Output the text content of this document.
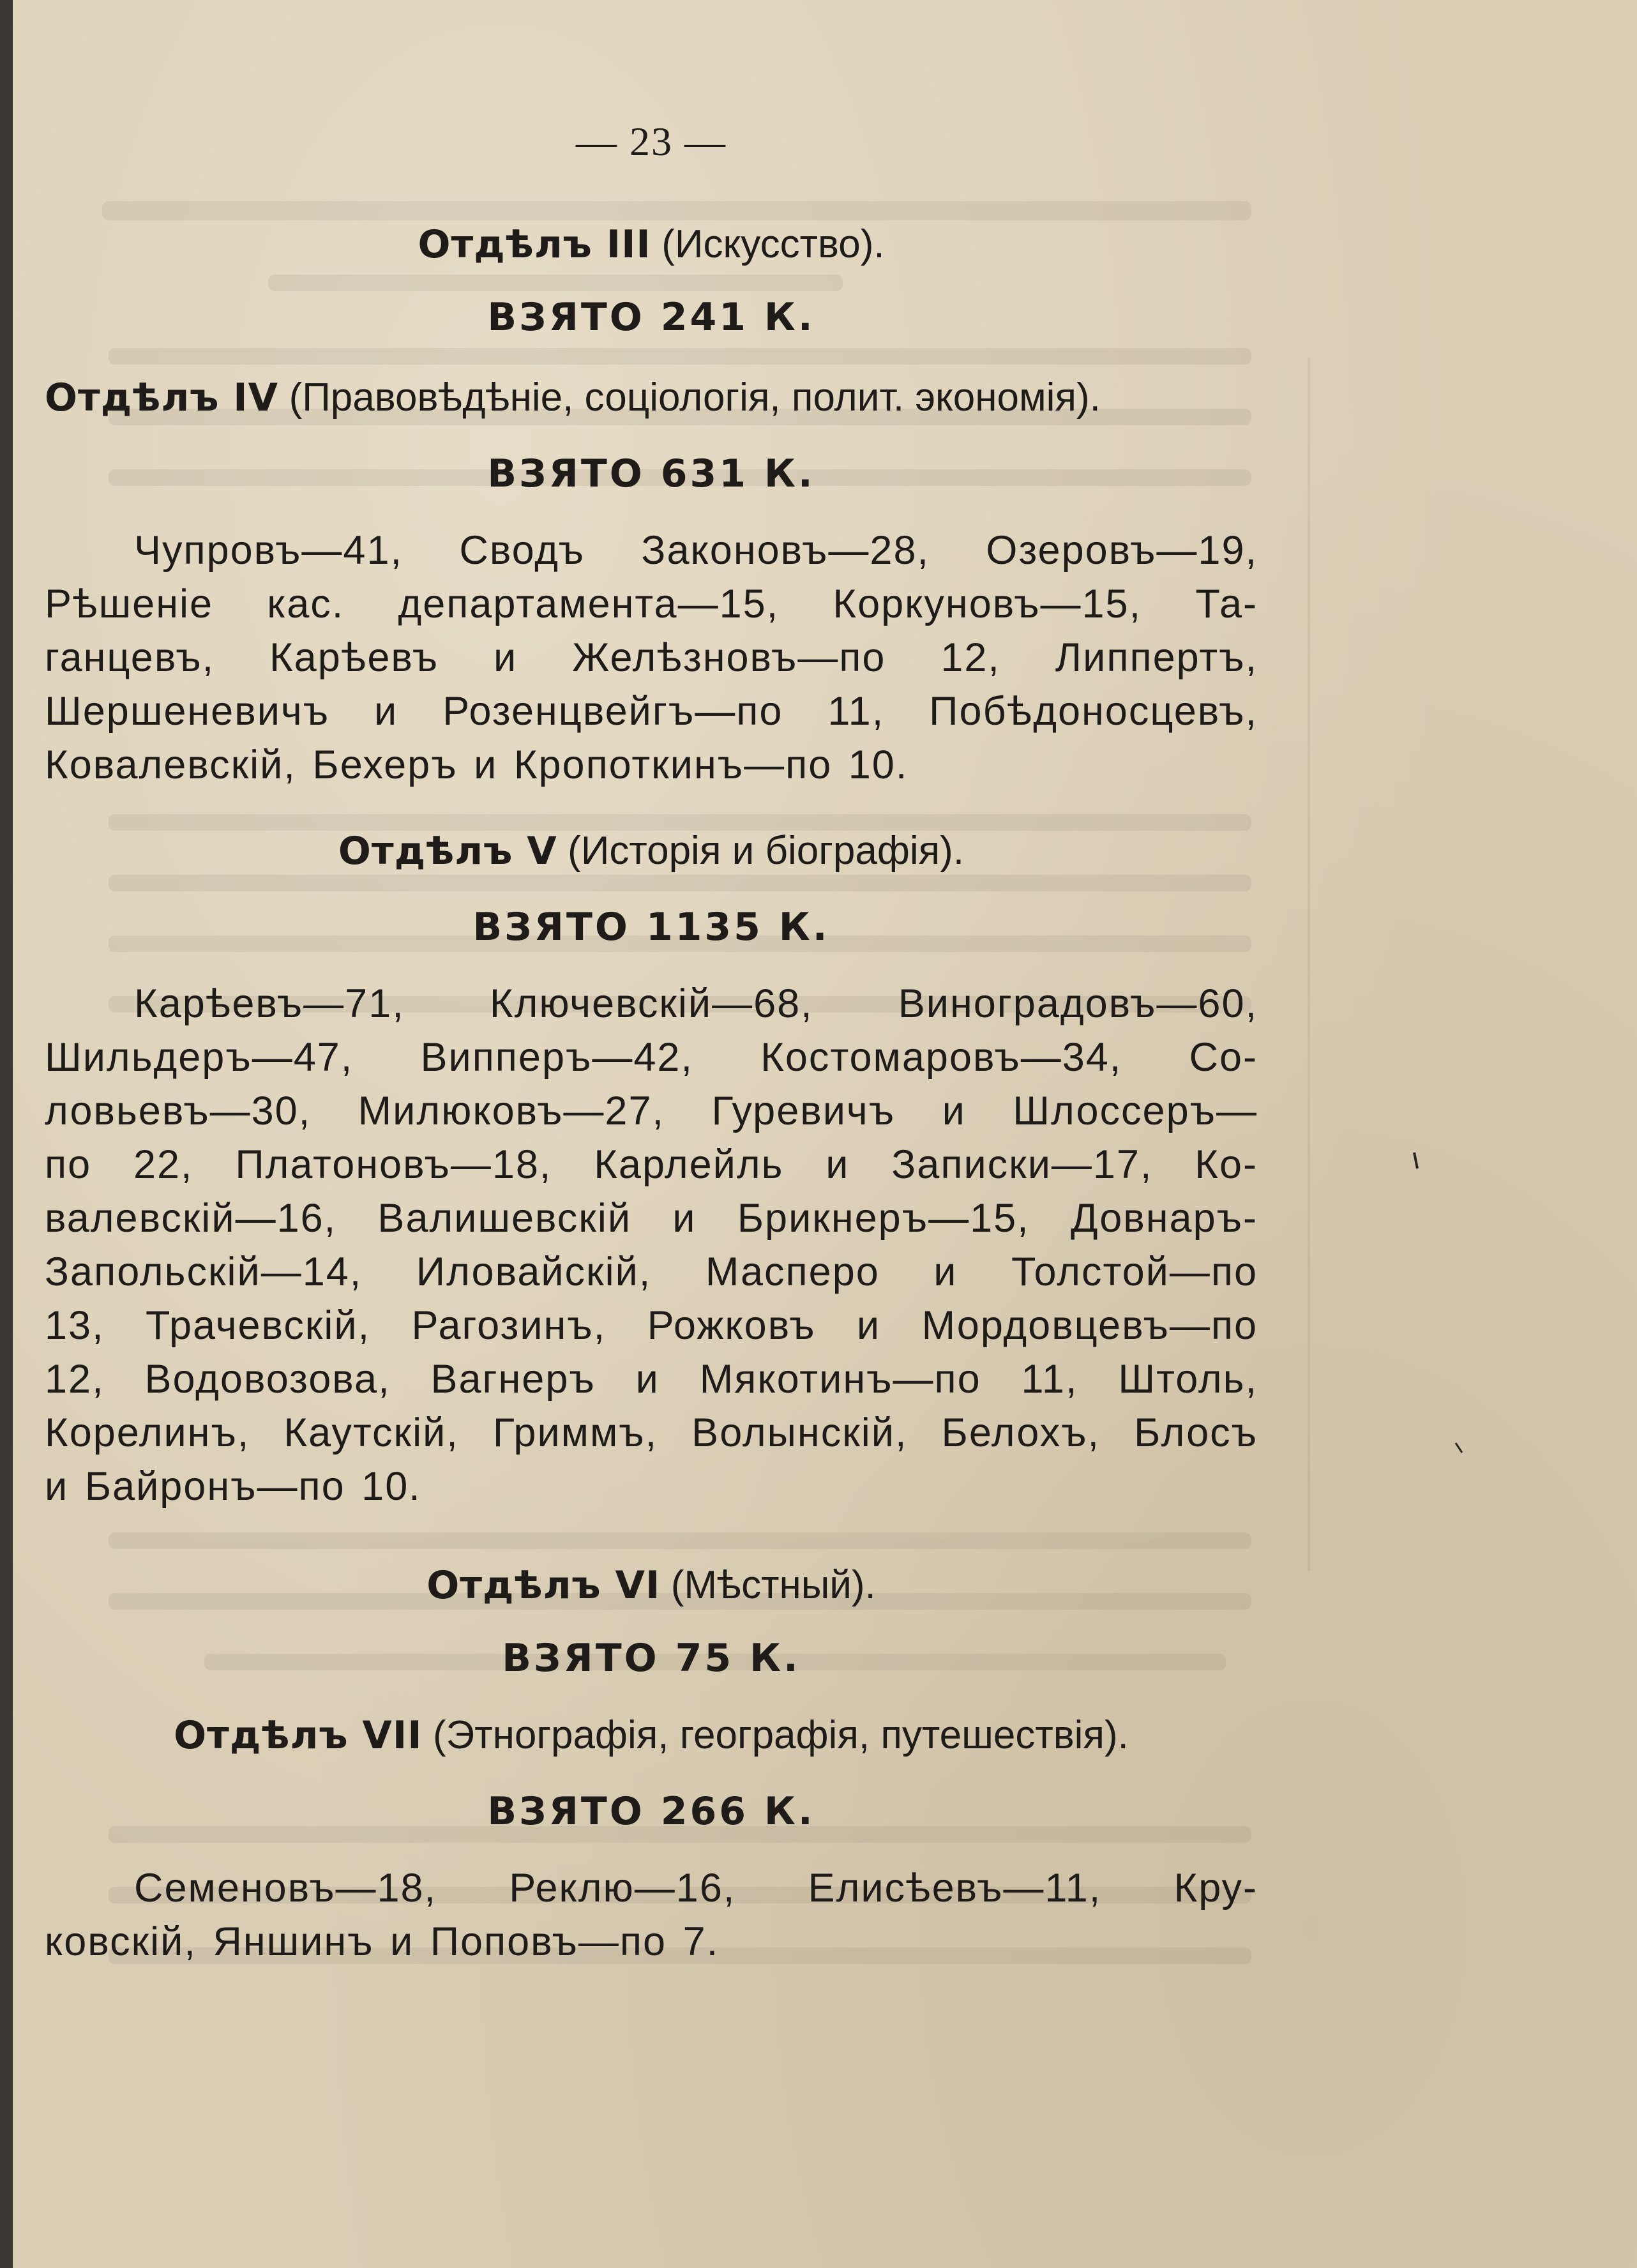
— 23 —
Отдѣлъ III (Искусство).
ВЗЯТО 241 К.
Отдѣлъ IV (Правовѣдѣніе, соціологія, полит. экономія).
ВЗЯТО 631 К.
Чупровъ—41, Сводъ Законовъ—28, Озеровъ—19,
Рѣшеніе кас. департамента—15, Коркуновъ—15, Та-
ганцевъ, Карѣевъ и Желѣзновъ—по 12, Липпертъ,
Шершеневичъ и Розенцвейгъ—по 11, Побѣдоносцевъ,
Ковалевскій, Бехеръ и Кропоткинъ—по 10.
Отдѣлъ V (Исторія и біографія).
ВЗЯТО 1135 К.
Карѣевъ—71, Ключевскій—68, Виноградовъ—60,
Шильдеръ—47, Випперъ—42, Костомаровъ—34, Со-
ловьевъ—30, Милюковъ—27, Гуревичъ и Шлоссеръ—
по 22, Платоновъ—18, Карлейль и Записки—17, Ко-
валевскій—16, Валишевскій и Брикнеръ—15, Довнаръ-
Запольскій—14, Иловайскій, Масперо и Толстой—по
13, Трачевскій, Рагозинъ, Рожковъ и Мордовцевъ—по
12, Водовозова, Вагнеръ и Мякотинъ—по 11, Штоль,
Корелинъ, Каутскій, Гриммъ, Волынскій, Белохъ, Блосъ
и Байронъ—по 10.
Отдѣлъ VI (Мѣстный).
ВЗЯТО 75 К.
Отдѣлъ VII (Этнографія, географія, путешествія).
ВЗЯТО 266 К.
Семеновъ—18, Реклю—16, Елисѣевъ—11, Кру-
ковскій, Яншинъ и Поповъ—по 7.
